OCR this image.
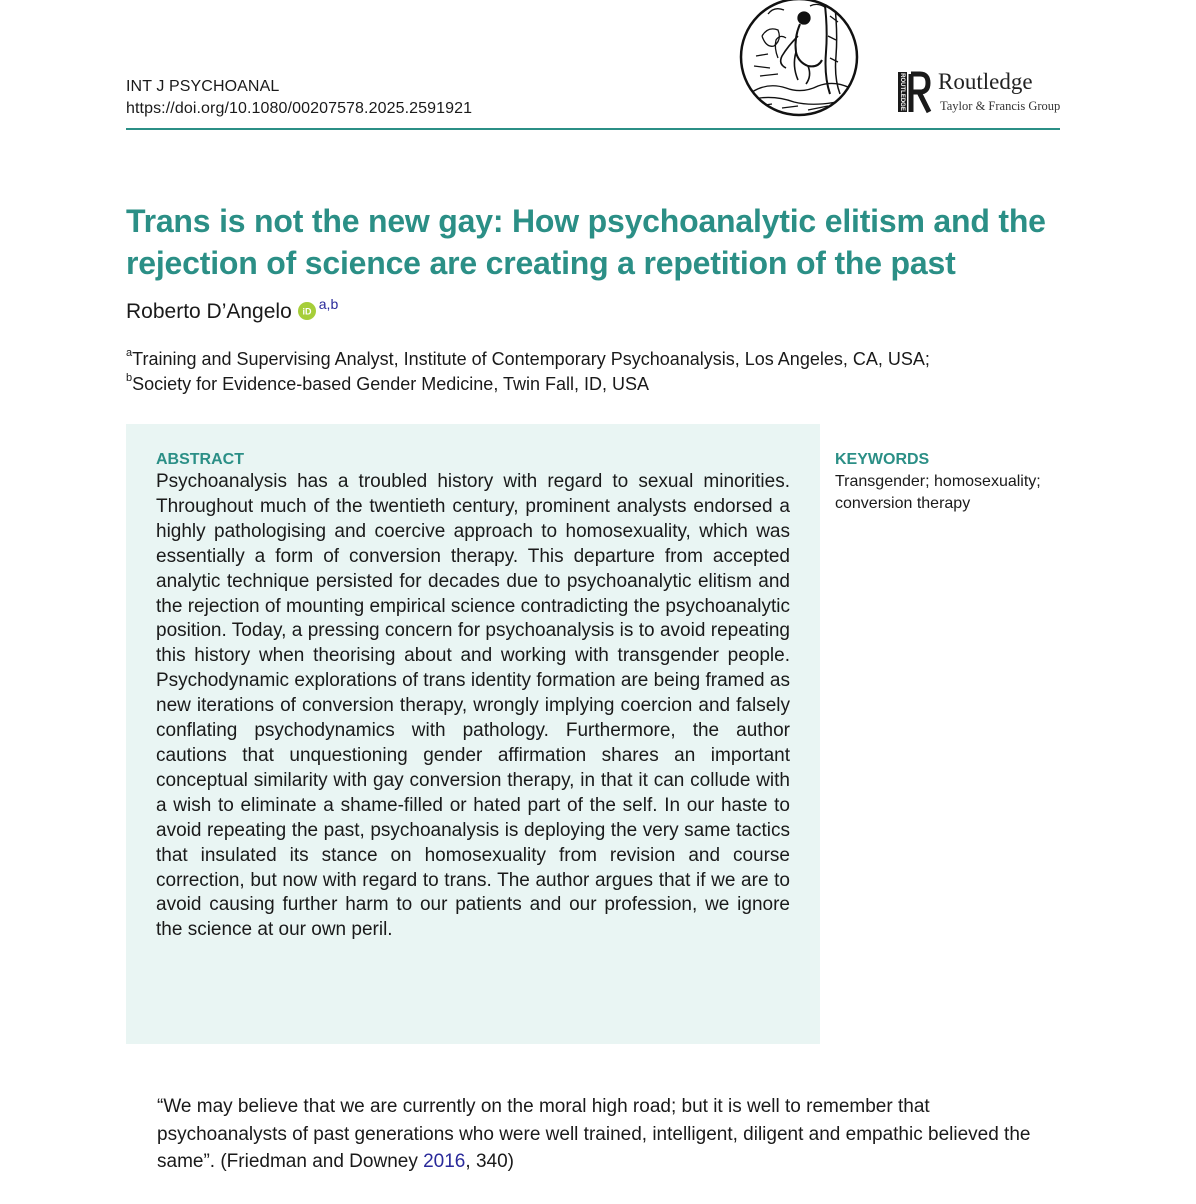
INT J PSYCHOANAL
https://doi.org/10.1080/00207578.2025.2591921	ROUTLEDGE Routledge
Taylor & Francis Group
Trans is not the new gay: How psychoanalytic elitism and the rejection of science are creating a repetition of the past
Roberto D’Angelo iD $^{a,b}$
$^a$Training and Supervising Analyst, Institute of Contemporary Psychoanalysis, Los Angeles, CA, USA;
$^b$Society for Evidence-based Gender Medicine, Twin Fall, ID, USA
ABSTRACT

Psychoanalysis has a troubled history with regard to sexual minorities. Throughout much of the twentieth century, prominent analysts endorsed a highly pathologising and coercive approach to homosexuality, which was essentially a form of conversion therapy. This departure from accepted analytic technique persisted for decades due to psychoanalytic elitism and the rejection of mounting empirical science contradicting the psychoanalytic position. Today, a pressing concern for psychoanalysis is to avoid repeating this history when theorising about and working with transgender people. Psychodynamic explorations of trans identity formation are being framed as new iterations of conversion therapy, wrongly implying coercion and falsely conflating psychodynamics with pathology. Furthermore, the author cautions that unquestioning gender affirmation shares an important conceptual similarity with gay conversion therapy, in that it can collude with a wish to eliminate a shame-filled or hated part of the self. In our haste to avoid repeating the past, psychoanalysis is deploying the very same tactics that insulated its stance on homosexuality from revision and course correction, but now with regard to trans. The author argues that if we are to avoid causing further harm to our patients and our profession, we ignore the science at our own peril.

KEYWORDS

Transgender; homosexuality; conversion therapy

“We may believe that we are currently on the moral high road; but it is well to remember that psychoanalysts of past generations who were well trained, intelligent, diligent and empathic believed the same”. (Friedman and Downey 2016, 340)
